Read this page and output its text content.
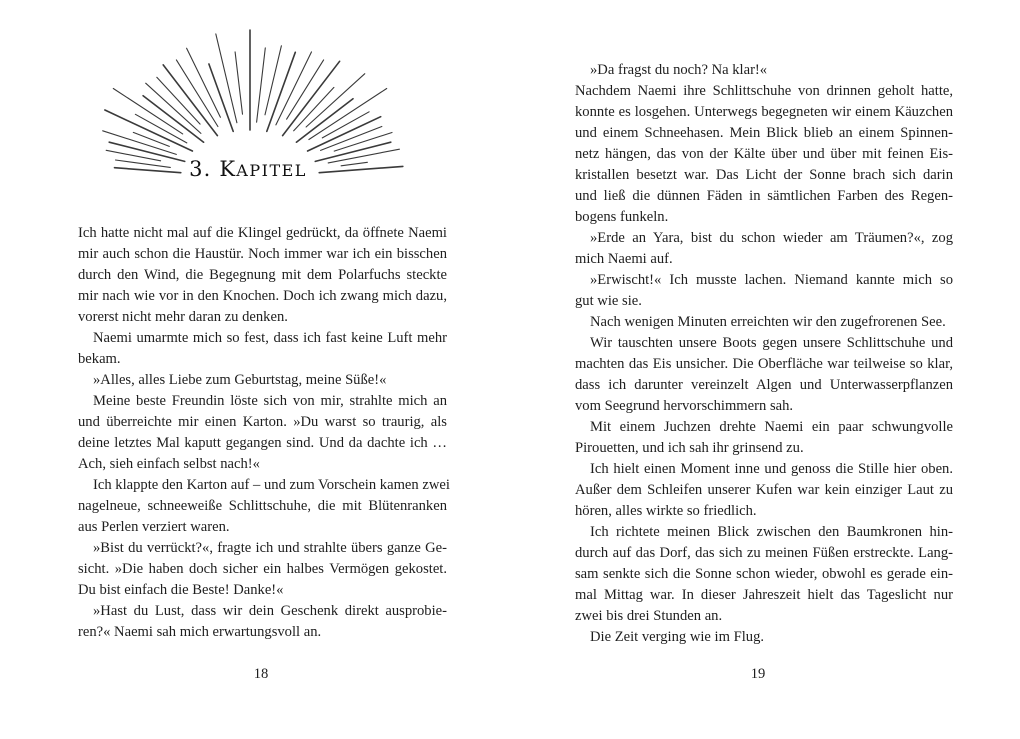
3. KAPITEL
Ich hatte nicht mal auf die Klingel gedrückt, da öffnete Naemi
mir auch schon die Haustür. Noch immer war ich ein bisschen
durch den Wind, die Begegnung mit dem Polarfuchs steckte
mir nach wie vor in den Knochen. Doch ich zwang mich dazu,
vorerst nicht mehr daran zu denken.
Naemi umarmte mich so fest, dass ich fast keine Luft mehr
bekam.
»Alles, alles Liebe zum Geburtstag, meine Süße!«
Meine beste Freundin löste sich von mir, strahlte mich an
und überreichte mir einen Karton. »Du warst so traurig, als
deine letztes Mal kaputt gegangen sind. Und da dachte ich …
Ach, sieh einfach selbst nach!«
Ich klappte den Karton auf – und zum Vorschein kamen zwei
nagelneue, schneeweiße Schlittschuhe, die mit Blütenranken
aus Perlen verziert waren.
»Bist du verrückt?«, fragte ich und strahlte übers ganze Ge-
sicht. »Die haben doch sicher ein halbes Vermögen gekostet.
Du bist einfach die Beste! Danke!«
»Hast du Lust, dass wir dein Geschenk direkt ausprobie-
ren?« Naemi sah mich erwartungsvoll an.
18
»Da fragst du noch? Na klar!«
Nachdem Naemi ihre Schlittschuhe von drinnen geholt hatte,
konnte es losgehen. Unterwegs begegneten wir einem Käuzchen
und einem Schneehasen. Mein Blick blieb an einem Spinnen-
netz hängen, das von der Kälte über und über mit feinen Eis-
kristallen besetzt war. Das Licht der Sonne brach sich darin
und ließ die dünnen Fäden in sämtlichen Farben des Regen-
bogens funkeln.
»Erde an Yara, bist du schon wieder am Träumen?«, zog
mich Naemi auf.
»Erwischt!« Ich musste lachen. Niemand kannte mich so
gut wie sie.
Nach wenigen Minuten erreichten wir den zugefrorenen See.
Wir tauschten unsere Boots gegen unsere Schlittschuhe und
machten das Eis unsicher. Die Oberfläche war teilweise so klar,
dass ich darunter vereinzelt Algen und Unterwasserpflanzen
vom Seegrund hervorschimmern sah.
Mit einem Juchzen drehte Naemi ein paar schwungvolle
Pirouetten, und ich sah ihr grinsend zu.
Ich hielt einen Moment inne und genoss die Stille hier oben.
Außer dem Schleifen unserer Kufen war kein einziger Laut zu
hören, alles wirkte so friedlich.
Ich richtete meinen Blick zwischen den Baumkronen hin-
durch auf das Dorf, das sich zu meinen Füßen erstreckte. Lang-
sam senkte sich die Sonne schon wieder, obwohl es gerade ein-
mal Mittag war. In dieser Jahreszeit hielt das Tageslicht nur
zwei bis drei Stunden an.
Die Zeit verging wie im Flug.
19
